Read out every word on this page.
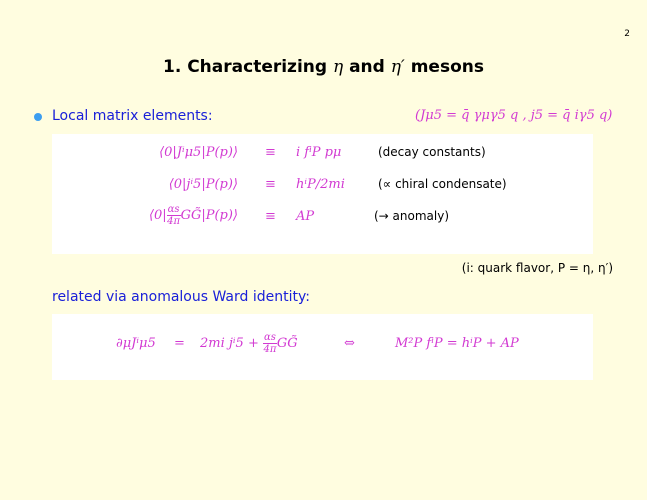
2
1. Characterizing η and η′ mesons
Local matrix elements:	(Jμ5 = q̄ γμγ5 q , j5 = q̄ iγ5 q)
⟨0|Jⁱμ5|P(p)⟩ ≡ i fⁱP pμ	(decay constants)
⟨0|jⁱ5|P(p)⟩ ≡ hⁱP/2mi	(∝ chiral condensate)
⟨0| $\frac{\alpha s}{4\pi}$ GG̃|P(p)⟩ ≡ AP	(→ anomaly)
(i: quark flavor, P = η, η′)
related via anomalous Ward identity:
∂μJⁱμ5 = 2mi $j^i5 + \frac{\alpha s}{4\pi}$ GG̃	⇔	M²P fⁱP = hⁱP + AP
